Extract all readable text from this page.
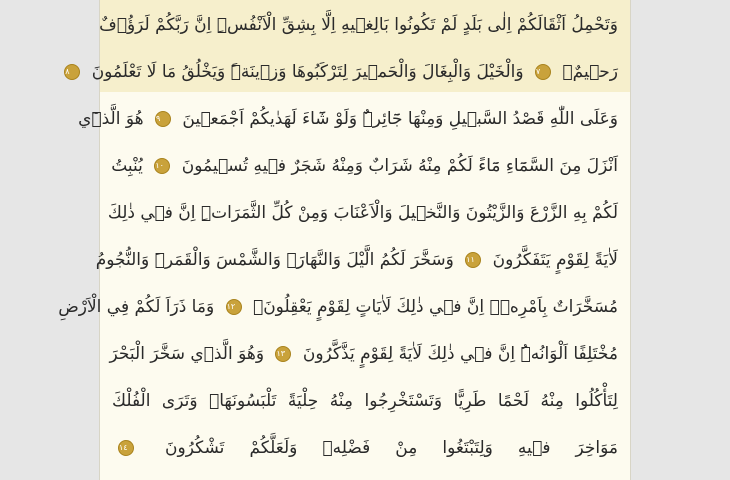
وَتَحْمِلُ اَثْقَالَكُمْ اِلٰى بَلَدٍ لَمْ تَكُونُوا بَالِغ۪يهِ اِلَّا بِشِقِّ الْاَنْفُسِۜ اِنَّ رَبَّكُمْ لَرَؤُ۫فٌ
رَح۪يمٌۙ ٧ وَالْخَيْلَ وَالْبِغَالَ وَالْحَم۪يرَ لِتَرْكَبُوهَا وَز۪ينَةًۜ وَيَخْلُقُ مَا لَا تَعْلَمُونَ ٨
وَعَلَى اللّٰهِ قَصْدُ السَّب۪يلِ وَمِنْهَا جَٓائِرٌۜ وَلَوْ شَٓاءَ لَهَدٰيكُمْ اَجْمَع۪ينَ ٩ هُوَ الَّذ۪ٓي
اَنْزَلَ مِنَ السَّمَٓاءِ مَٓاءً لَكُمْ مِنْهُ شَرَابٌ وَمِنْهُ شَجَرٌ ف۪يهِ تُس۪يمُونَ ١٠ يُنْبِتُ
لَكُمْ بِهِ الزَّرْعَ وَالزَّيْتُونَ وَالنَّخ۪يلَ وَالْاَعْنَابَ وَمِنْ كُلِّ الثَّمَرَاتِۜ اِنَّ ف۪ي ذٰلِكَ
لَاٰيَةً لِقَوْمٍ يَتَفَكَّرُونَ ١١ وَسَخَّرَ لَكُمُ الَّيْلَ وَالنَّهَارَۙ وَالشَّمْسَ وَالْقَمَرَۜ وَالنُّجُومُ
مُسَخَّرَاتٌ بِاَمْرِه۪ۜ اِنَّ ف۪ي ذٰلِكَ لَاٰيَاتٍ لِقَوْمٍ يَعْقِلُونَۙ ١٢ وَمَا ذَرَاَ لَكُمْ فِي الْاَرْضِ
مُخْتَلِفًا اَلْوَانُهُۜ اِنَّ ف۪ي ذٰلِكَ لَاٰيَةً لِقَوْمٍ يَذَّكَّرُونَ ١٣ وَهُوَ الَّذ۪ي سَخَّرَ الْبَحْرَ
لِتَأْكُلُوا مِنْهُ لَحْمًا طَرِيًّا وَتَسْتَخْرِجُوا مِنْهُ حِلْيَةً تَلْبَسُونَهَاۚ وَتَرَى الْفُلْكَ
مَوَاخِرَ ف۪يهِ وَلِتَبْتَغُوا مِنْ فَضْلِه۪ وَلَعَلَّكُمْ تَشْكُرُونَ ١٤
